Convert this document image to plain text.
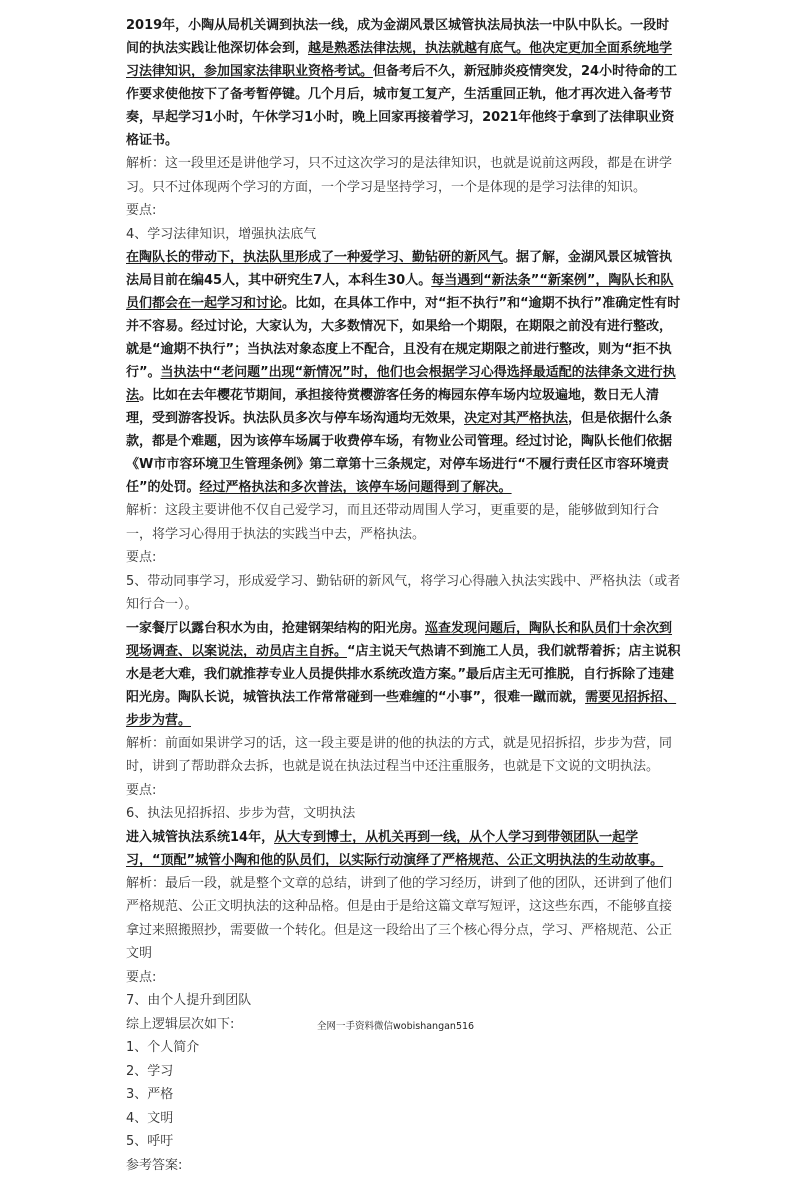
2019年，小陶从局机关调到执法一线，成为金湖风景区城管执法局执法一中队中队长。一段时间的执法实践让他深切体会到，越是熟悉法律法规，执法就越有底气。他决定更加全面系统地学习法律知识，参加国家法律职业资格考试。但备考后不久，新冠肺炎疫情突发，24小时待命的工作要求使他按下了备考暂停键。几个月后，城市复工复产，生活重回正轨，他才再次进入备考节奏，早起学习1小时，午休学习1小时，晚上回家再接着学习，2021年他终于拿到了法律职业资格证书。

解析：这一段里还是讲他学习，只不过这次学习的是法律知识，也就是说前这两段，都是在讲学习。只不过体现两个学习的方面，一个学习是坚持学习，一个是体现的是学习法律的知识。

要点:

4、学习法律知识，增强执法底气

在陶队长的带动下，执法队里形成了一种爱学习、勤钻研的新风气。据了解，金湖风景区城管执法局目前在编45人，其中研究生7人，本科生30人。每当遇到“新法条”“新案例”，陶队长和队员们都会在一起学习和讨论。比如，在具体工作中，对“拒不执行”和“逾期不执行”准确定性有时并不容易。经过讨论，大家认为，大多数情况下，如果给一个期限，在期限之前没有进行整改，就是“逾期不执行”；当执法对象态度上不配合，且没有在规定期限之前进行整改，则为“拒不执行”。当执法中“老问题”出现“新情况”时，他们也会根据学习心得选择最适配的法律条文进行执法。比如在去年樱花节期间，承担接待赏樱游客任务的梅园东停车场内垃圾遍地，数日无人清理，受到游客投诉。执法队员多次与停车场沟通均无效果，决定对其严格执法，但是依据什么条款，都是个难题，因为该停车场属于收费停车场，有物业公司管理。经过讨论，陶队长他们依据《W市市容环境卫生管理条例》第二章第十三条规定，对停车场进行“不履行责任区市容环境责任”的处罚。经过严格执法和多次普法，该停车场问题得到了解决。

解析：这段主要讲他不仅自己爱学习，而且还带动周围人学习，更重要的是，能够做到知行合一，将学习心得用于执法的实践当中去，严格执法。

要点:

5、带动同事学习，形成爱学习、勤钻研的新风气，将学习心得融入执法实践中、严格执法（或者知行合一）。

一家餐厅以露台积水为由，抢建钢架结构的阳光房。巡查发现问题后，陶队长和队员们十余次到现场调查、以案说法，动员店主自拆。“店主说天气热请不到施工人员，我们就帮着拆；店主说积水是老大难，我们就推荐专业人员提供排水系统改造方案。”最后店主无可推脱，自行拆除了违建阳光房。陶队长说，城管执法工作常常碰到一些难缠的“小事”，很难一蹴而就，需要见招拆招、步步为营。

解析：前面如果讲学习的话，这一段主要是讲的他的执法的方式，就是见招拆招，步步为营，同时，讲到了帮助群众去拆，也就是说在执法过程当中还注重服务，也就是下文说的文明执法。

要点:

6、执法见招拆招、步步为营，文明执法

进入城管执法系统14年，从大专到博士，从机关再到一线，从个人学习到带领团队一起学习，“顶配”城管小陶和他的队员们，以实际行动演绎了严格规范、公正文明执法的生动故事。

解析：最后一段，就是整个文章的总结，讲到了他的学习经历，讲到了他的团队，还讲到了他们严格规范、公正文明执法的这种品格。但是由于是给这篇文章写短评，这这些东西，不能够直接拿过来照搬照抄，需要做一个转化。但是这一段给出了三个核心得分点，学习、严格规范、公正文明

要点:

7、由个人提升到团队

综上逻辑层次如下:

1、个人简介

2、学习

3、严格

4、文明

5、呼吁

参考答案:

全网一手资料微信wobishangan516
